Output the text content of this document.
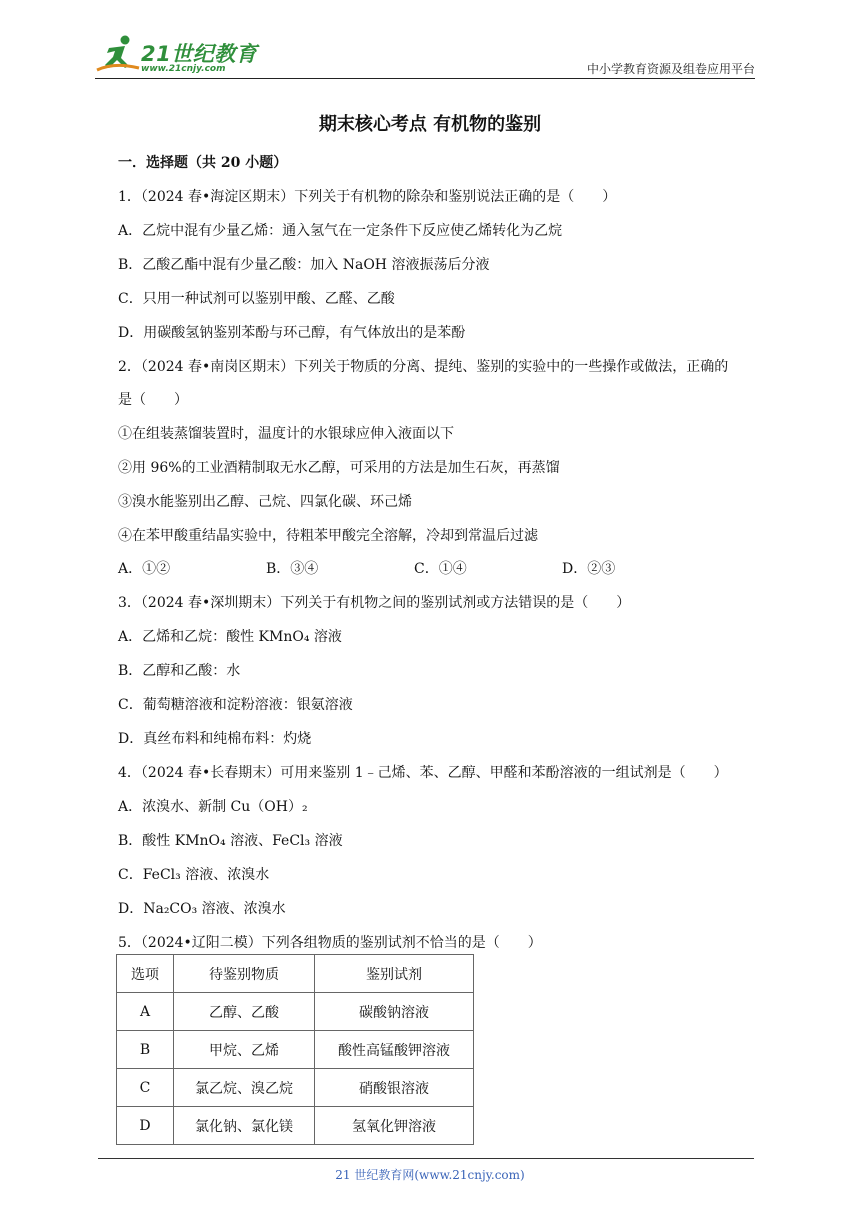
21世纪教育
www.21cnjy.com	中小学教育资源及组卷应用平台
期末核心考点 有机物的鉴别
一．选择题（共 20 小题）
1．（2024 春•海淀区期末）下列关于有机物的除杂和鉴别说法正确的是（　　）
A．乙烷中混有少量乙烯：通入氢气在一定条件下反应使乙烯转化为乙烷
B．乙酸乙酯中混有少量乙酸：加入 NaOH 溶液振荡后分液
C．只用一种试剂可以鉴别甲酸、乙醛、乙酸
D．用碳酸氢钠鉴别苯酚与环己醇，有气体放出的是苯酚
2．（2024 春•南岗区期末）下列关于物质的分离、提纯、鉴别的实验中的一些操作或做法，正确的
是（　　）
①在组装蒸馏装置时，温度计的水银球应伸入液面以下
②用 96%的工业酒精制取无水乙醇，可采用的方法是加生石灰，再蒸馏
③溴水能鉴别出乙醇、己烷、四氯化碳、环己烯
④在苯甲酸重结晶实验中，待粗苯甲酸完全溶解，冷却到常温后过滤
A．①②	B．③④	C．①④	D．②③
3．（2024 春•深圳期末）下列关于有机物之间的鉴别试剂或方法错误的是（　　）
A．乙烯和乙烷：酸性 KMnO₄ 溶液
B．乙醇和乙酸：水
C．葡萄糖溶液和淀粉溶液：银氨溶液
D．真丝布料和纯棉布料：灼烧
4．（2024 春•长春期末）可用来鉴别 1﹣己烯、苯、乙醇、甲醛和苯酚溶液的一组试剂是（　　）
A．浓溴水、新制 Cu（OH）₂
B．酸性 KMnO₄ 溶液、FeCl₃ 溶液
C．FeCl₃ 溶液、浓溴水
D．Na₂CO₃ 溶液、浓溴水
5．（2024•辽阳二模）下列各组物质的鉴别试剂不恰当的是（　　）
选项	待鉴别物质	鉴别试剂
A	乙醇、乙酸	碳酸钠溶液
B	甲烷、乙烯	酸性高锰酸钾溶液
C	氯乙烷、溴乙烷	硝酸银溶液
D	氯化钠、氯化镁	氢氧化钾溶液
21 世纪教育网(www.21cnjy.com)
